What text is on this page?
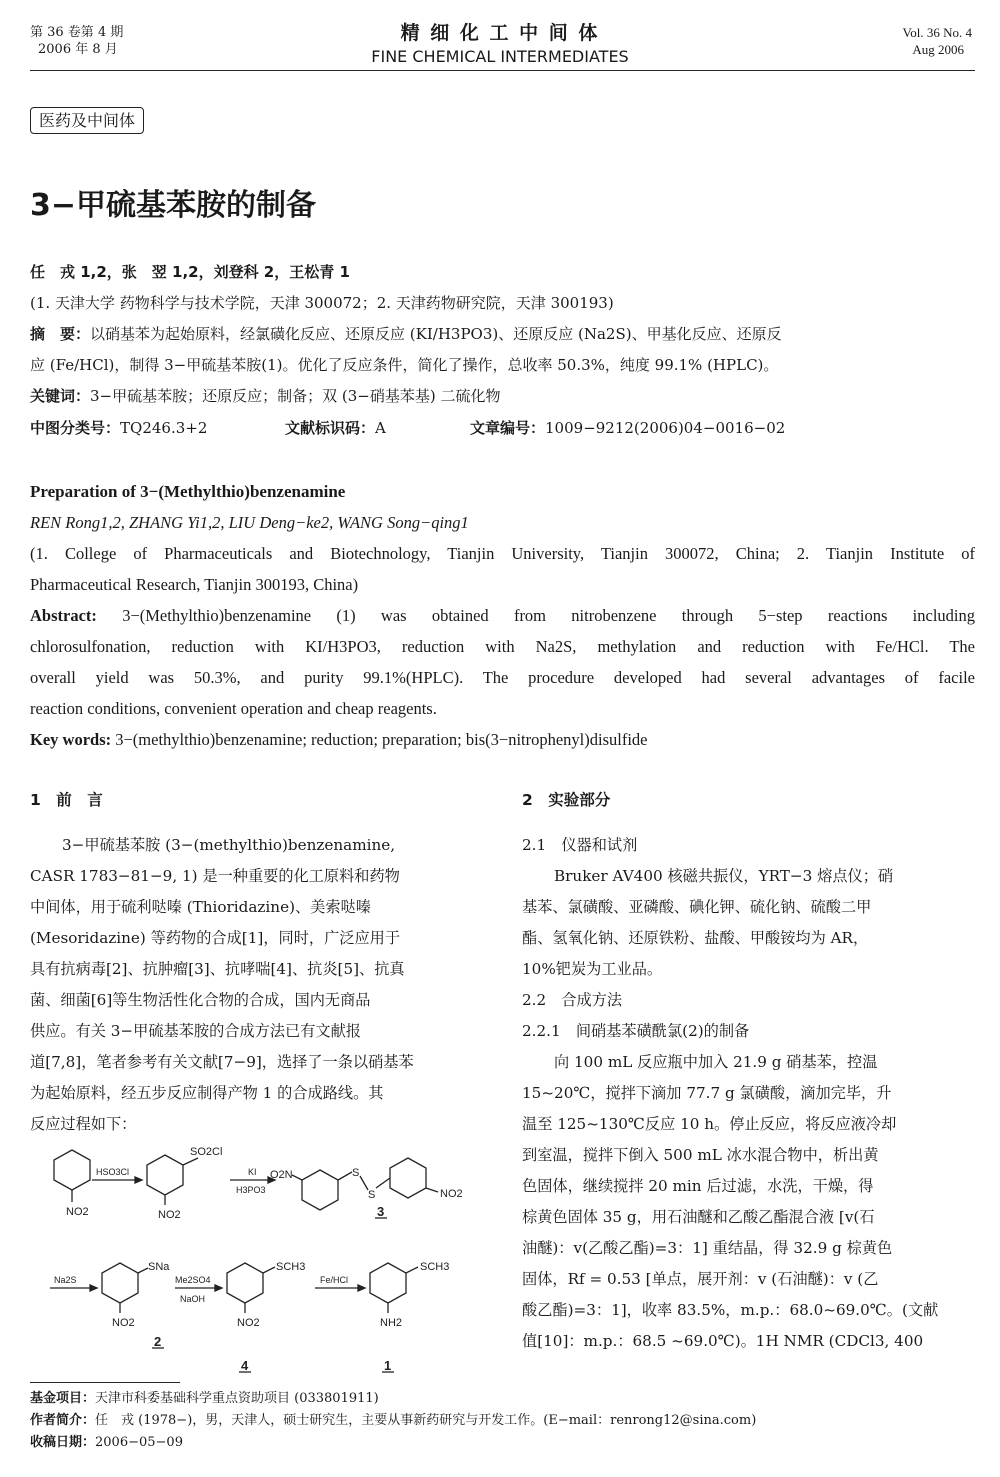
第 36 卷第 4 期
2006 年 8 月
精 细 化 工 中 间 体
FINE CHEMICAL INTERMEDIATES
Vol. 36 No. 4
Aug 2006
医药及中间体
3−甲硫基苯胺的制备
任　戎 1,2，张　翌 1,2，刘登科 2，王松青 1
(1. 天津大学 药物科学与技术学院，天津 300072；2. 天津药物研究院，天津 300193)
摘　要：以硝基苯为起始原料，经氯磺化反应、还原反应 (KI/H3PO3)、还原反应 (Na2S)、甲基化反应、还原反
应 (Fe/HCl)，制得 3−甲硫基苯胺(1)。优化了反应条件，简化了操作，总收率 50.3%，纯度 99.1% (HPLC)。
关键词：3−甲硫基苯胺；还原反应；制备；双 (3−硝基苯基) 二硫化物
中图分类号：TQ246.3+2	文献标识码：A	文章编号：1009−9212(2006)04−0016−02
Preparation of 3−(Methylthio)benzenamine
REN Rong1,2, ZHANG Yi1,2, LIU Deng−ke2, WANG Song−qing1
(1. College of Pharmaceuticals and Biotechnology, Tianjin University, Tianjin 300072, China; 2. Tianjin Institute of
Pharmaceutical Research, Tianjin 300193, China)
Abstract: 3−(Methylthio)benzenamine (1) was obtained from nitrobenzene through 5−step reactions including
chlorosulfonation, reduction with KI/H3PO3, reduction with Na2S, methylation and reduction with Fe/HCl. The
overall yield was 50.3%, and purity 99.1%(HPLC). The procedure developed had several advantages of facile
reaction conditions, convenient operation and cheap reagents.
Key words: 3−(methylthio)benzenamine; reduction; preparation; bis(3−nitrophenyl)disulfide
1　前　言

3−甲硫基苯胺 (3−(methylthio)benzenamine,

CASR 1783−81−9, 1) 是一种重要的化工原料和药物

中间体，用于硫利哒嗪 (Thioridazine)、美索哒嗪

(Mesoridazine) 等药物的合成[1]，同时，广泛应用于

具有抗病毒[2]、抗肿瘤[3]、抗哮喘[4]、抗炎[5]、抗真

菌、细菌[6]等生物活性化合物的合成，国内无商品

供应。有关 3−甲硫基苯胺的合成方法已有文献报

道[7,8]，笔者参考有关文献[7−9]，选择了一条以硝基苯

为起始原料，经五步反应制得产物 1 的合成路线。其

反应过程如下：

NO2
HSO3Cl
SO2Cl
NO2
KI
H3PO3
O2N	S
S	NO2
Na2S
SNa
NO2
Me2SO4
NaOH
SCH3
NO2
Fe/HCl
SCH3
NH2
2
3
4	1
2　实验部分

2.1　仪器和试剂

Bruker AV400 核磁共振仪，YRT−3 熔点仪；硝

基苯、氯磺酸、亚磷酸、碘化钾、硫化钠、硫酸二甲

酯、氢氧化钠、还原铁粉、盐酸、甲酸铵均为 AR，

10%钯炭为工业品。

2.2　合成方法

2.2.1　间硝基苯磺酰氯(2)的制备

向 100 mL 反应瓶中加入 21.9 g 硝基苯，控温

15~20℃，搅拌下滴加 77.7 g 氯磺酸，滴加完毕，升

温至 125~130℃反应 10 h。停止反应，将反应液冷却

到室温，搅拌下倒入 500 mL 冰水混合物中，析出黄

色固体，继续搅拌 20 min 后过滤，水洗，干燥，得

棕黄色固体 35 g，用石油醚和乙酸乙酯混合液 [v(石

油醚)：v(乙酸乙酯)=3：1] 重结晶，得 32.9 g 棕黄色

固体，Rf = 0.53 [单点，展开剂：v (石油醚)：v (乙

酸乙酯)=3：1]，收率 83.5%，m.p.：68.0~69.0℃。(文献

值[10]：m.p.：68.5 ~69.0℃)。1H NMR (CDCl3, 400

基金项目：天津市科委基础科学重点资助项目 (033801911)
作者简介：任　戎 (1978−)，男，天津人，硕士研究生，主要从事新药研究与开发工作。(E−mail：renrong12@sina.com)
收稿日期：2006−05−09
